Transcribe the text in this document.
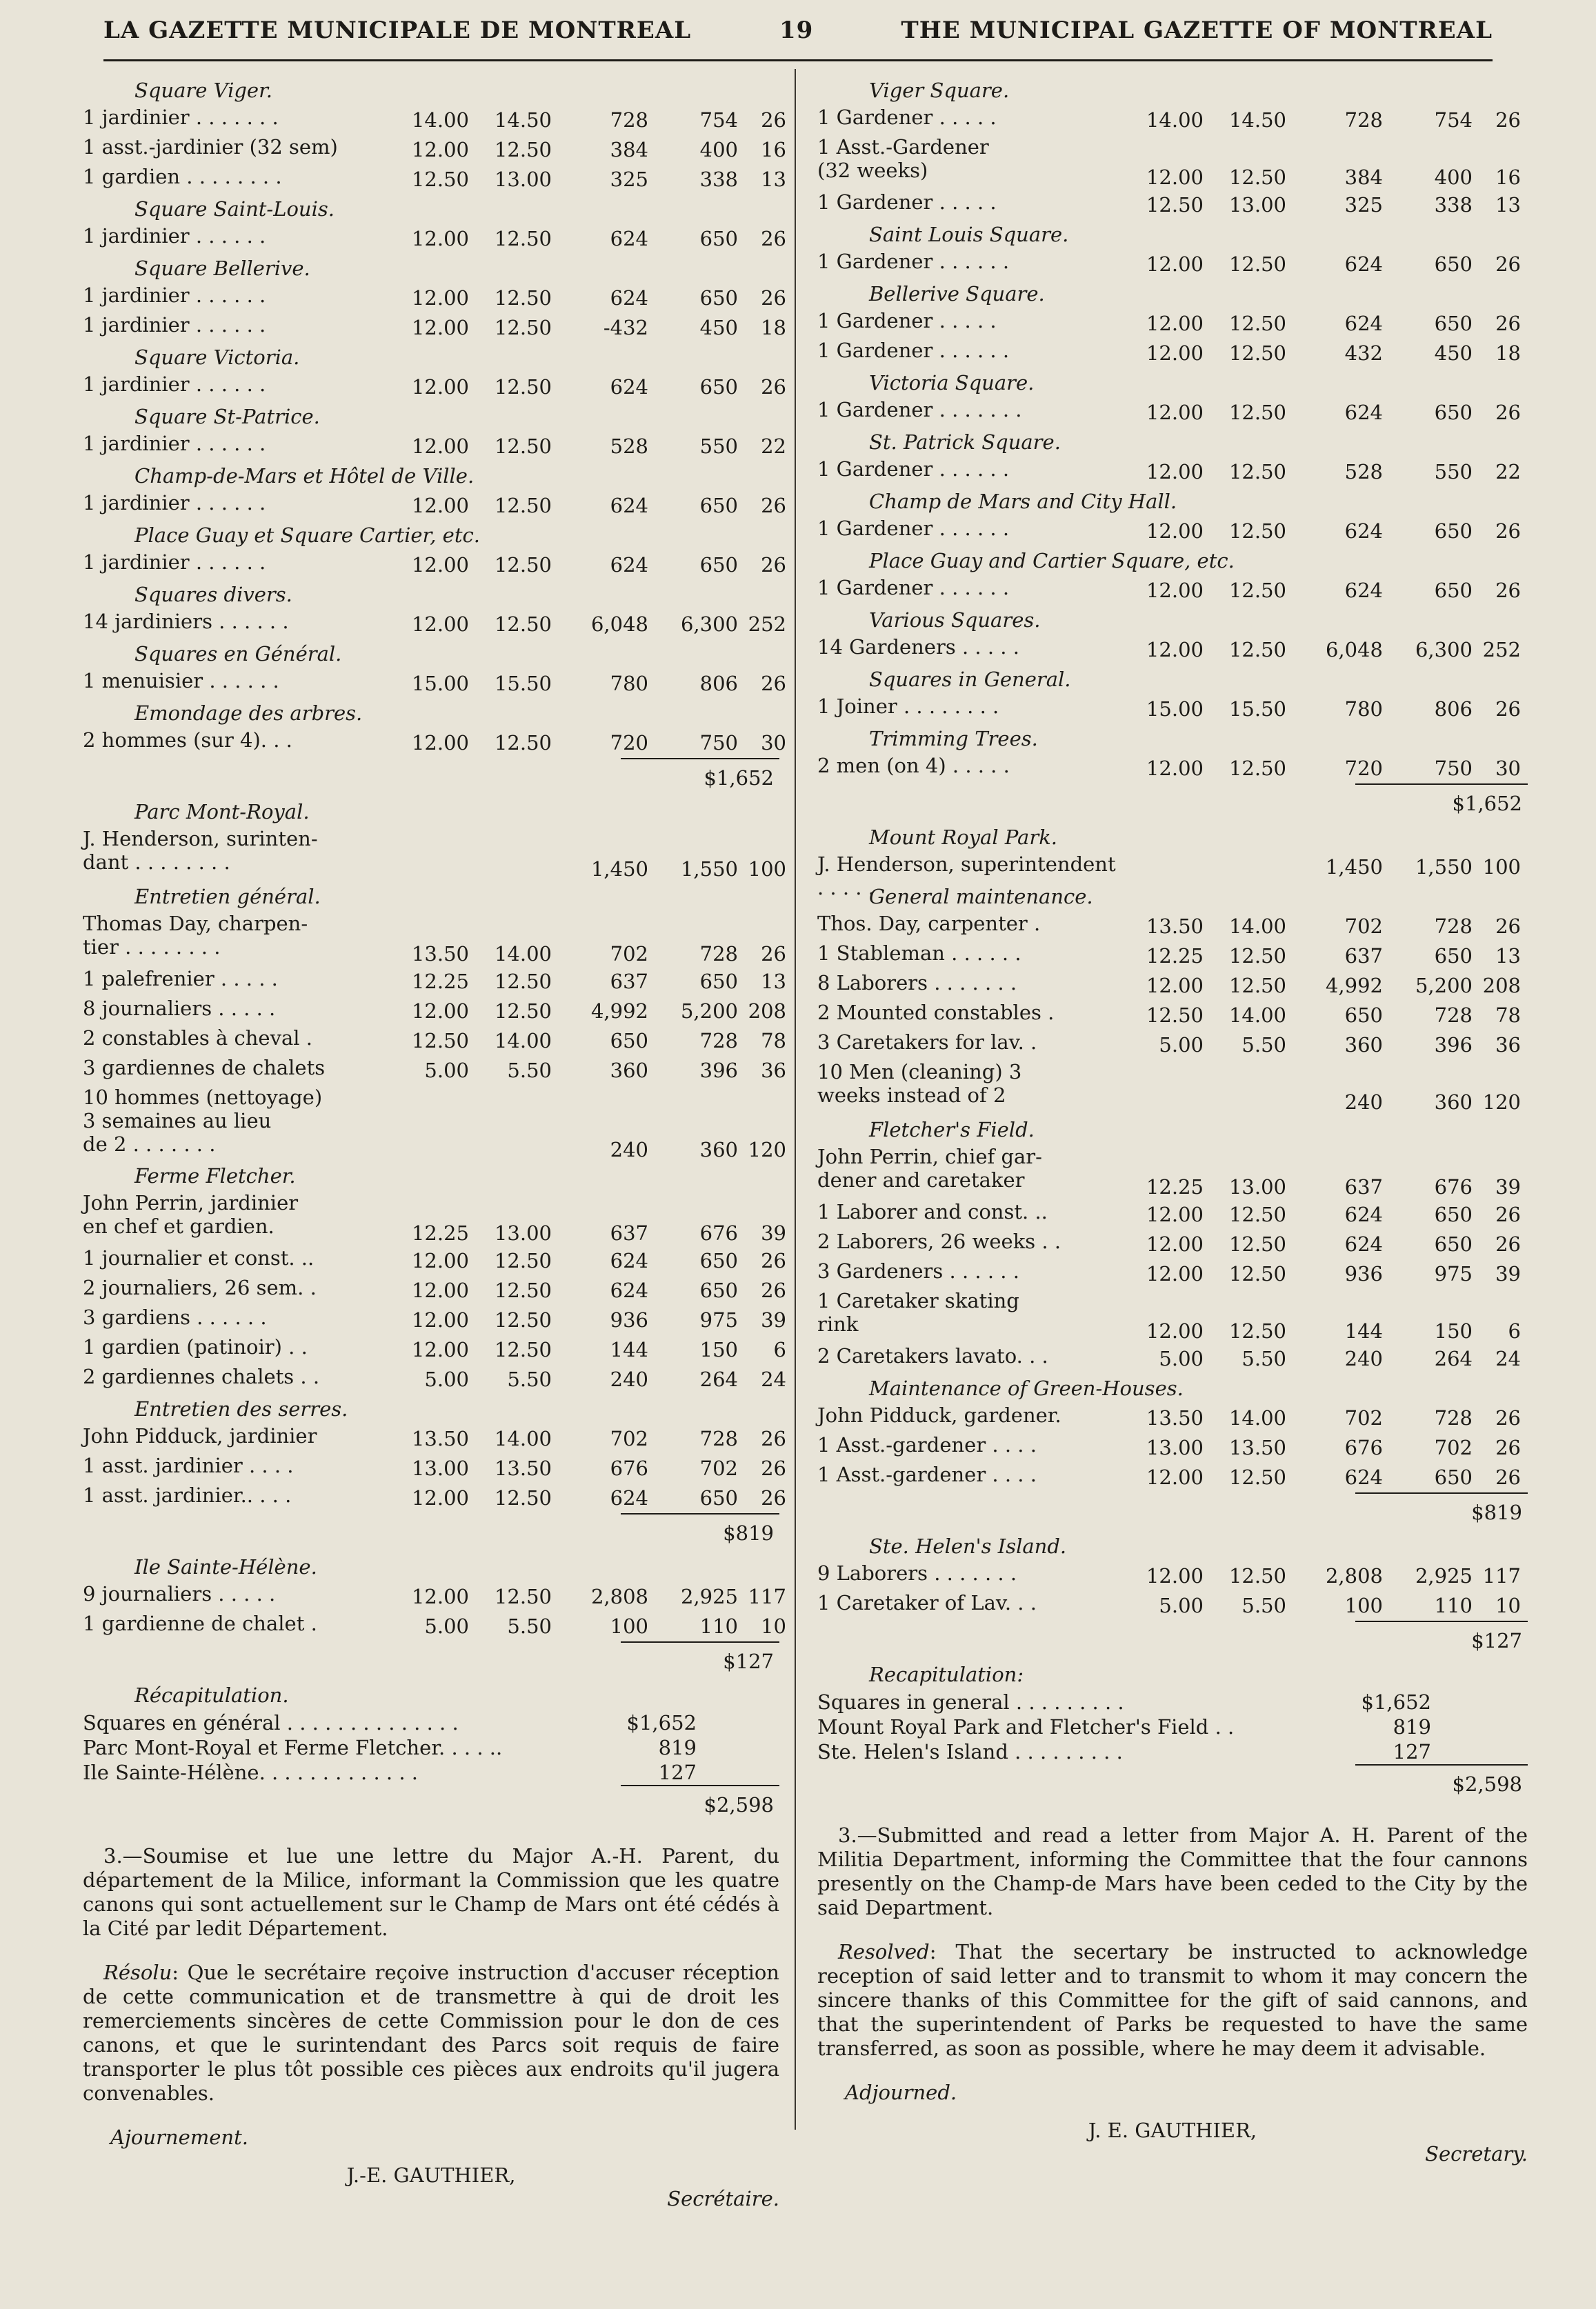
LA GAZETTE MUNICIPALE DE MONTREAL	19	THE MUNICIPAL GAZETTE OF MONTREAL
Square Viger.
1 jardinier . . . . . . .	14.00	14.50	728	754	26
1 asst.-jardinier (32 sem)	12.00	12.50	384	400	16
1 gardien . . . . . . . .	12.50	13.00	325	338	13
Square Saint-Louis.
1 jardinier . . . . . .	12.00	12.50	624	650	26
Square Bellerive.
1 jardinier . . . . . .	12.00	12.50	624	650	26
1 jardinier . . . . . .	12.00	12.50	-432	450	18
Square Victoria.
1 jardinier . . . . . .	12.00	12.50	624	650	26
Square St-Patrice.
1 jardinier . . . . . .	12.00	12.50	528	550	22
Champ-de-Mars et Hôtel de Ville.
1 jardinier . . . . . .	12.00	12.50	624	650	26
Place Guay et Square Cartier, etc.
1 jardinier . . . . . .	12.00	12.50	624	650	26
Squares divers.
14 jardiniers . . . . . .	12.00	12.50	6,048	6,300 252
Squares en Général.
1 menuisier . . . . . .	15.00	15.50	780	806	26
Emondage des arbres.
2 hommes (sur 4). . .	12.00	12.50	720	750	30
$1,652
Parc Mont-Royal.
J. Henderson, surinten-
dant . . . . . . . .	1,450	1,550 100
Entretien général.
Thomas Day, charpen-
tier . . . . . . . .	13.50	14.00	702	728	26
1 palefrenier . . . . .	12.25	12.50	637	650	13
8 journaliers . . . . .	12.00	12.50	4,992	5,200 208
2 constables à cheval .	12.50	14.00	650	728	78
3 gardiennes de chalets	5.00	5.50	360	396	36
10 hommes (nettoyage)
3 semaines au lieu
de 2 . . . . . . .	240	360 120
Ferme Fletcher.
John Perrin, jardinier
en chef et gardien.	12.25	13.00	637	676	39
1 journalier et const. ..	12.00	12.50	624	650	26
2 journaliers, 26 sem. .	12.00	12.50	624	650	26
3 gardiens . . . . . .	12.00	12.50	936	975	39
1 gardien (patinoir) . .	12.00	12.50	144	150	6
2 gardiennes chalets . .	5.00	5.50	240	264	24
Entretien des serres.
John Pidduck, jardinier	13.50	14.00	702	728	26
1 asst. jardinier . . . .	13.00	13.50	676	702	26
1 asst. jardinier.. . . .	12.00	12.50	624	650	26
$819
Ile Sainte-Hélène.
9 journaliers . . . . .	12.00	12.50	2,808	2,925 117
1 gardienne de chalet .	5.00	5.50	100	110	10
$127
Récapitulation.
Squares en général . . . . . . . . . . . . . .	$1,652
Parc Mont-Royal et Ferme Fletcher. . . . ..	819
Ile Sainte-Hélène. . . . . . . . . . . . .	127
$2,598

3.—Soumise et lue une lettre du Major A.-H. Parent, du département de la Milice, informant la Commission que les quatre canons qui sont actuellement sur le Champ de Mars ont été cédés à la Cité par ledit Département.

Résolu: Que le secrétaire reçoive instruction d'accuser réception de cette communication et de transmettre à qui de droit les remerciements sincères de cette Commission pour le don de ces canons, et que le surintendant des Parcs soit requis de faire transporter le plus tôt possible ces pièces aux endroits qu'il jugera convenables.

Ajournement.
J.-E. GAUTHIER,
Secrétaire.
Viger Square.
1 Gardener . . . . .	14.00	14.50	728	754	26
1 Asst.-Gardener
(32 weeks)	12.00	12.50	384	400	16
1 Gardener . . . . .	12.50	13.00	325	338	13
Saint Louis Square.
1 Gardener . . . . . .	12.00	12.50	624	650	26
Bellerive Square.
1 Gardener . . . . .	12.00	12.50	624	650	26
1 Gardener . . . . . .	12.00	12.50	432	450	18
Victoria Square.
1 Gardener . . . . . . .	12.00	12.50	624	650	26
St. Patrick Square.
1 Gardener . . . . . .	12.00	12.50	528	550	22
Champ de Mars and City Hall.
1 Gardener . . . . . .	12.00	12.50	624	650	26
Place Guay and Cartier Square, etc.
1 Gardener . . . . . .	12.00	12.50	624	650	26
Various Squares.
14 Gardeners . . . . .	12.00	12.50	6,048	6,300 252
Squares in General.
1 Joiner . . . . . . . .	15.00	15.50	780	806	26
Trimming Trees.
2 men (on 4) . . . . .	12.00	12.50	720	750	30
$1,652
Mount Royal Park.
J. Henderson, superintendent . . . . .
1,450	1,550 100
General maintenance.
Thos. Day, carpenter .	13.50	14.00	702	728	26
1 Stableman . . . . . .	12.25	12.50	637	650	13
8 Laborers . . . . . . .	12.00	12.50	4,992	5,200 208
2 Mounted constables .	12.50	14.00	650	728	78
3 Caretakers for lav. .	5.00	5.50	360	396	36
10 Men (cleaning) 3
weeks instead of 2	240	360 120
Fletcher's Field.
John Perrin, chief gar-
dener and caretaker	12.25	13.00	637	676	39
1 Laborer and const. ..	12.00	12.50	624	650	26
2 Laborers, 26 weeks . .	12.00	12.50	624	650	26
3 Gardeners . . . . . .	12.00	12.50	936	975	39
1 Caretaker skating
rink	12.00	12.50	144	150	6
2 Caretakers lavato. . .	5.00	5.50	240	264	24
Maintenance of Green-Houses.
John Pidduck, gardener.	13.50	14.00	702	728	26
1 Asst.-gardener . . . .	13.00	13.50	676	702	26
1 Asst.-gardener . . . .	12.00	12.50	624	650	26
$819
Ste. Helen's Island.
9 Laborers . . . . . . .	12.00	12.50	2,808	2,925 117
1 Caretaker of Lav. . .	5.00	5.50	100	110	10
$127
Recapitulation:
Squares in general . . . . . . . . .	$1,652
Mount Royal Park and Fletcher's Field . .	819
Ste. Helen's Island . . . . . . . . .	127
$2,598

3.—Submitted and read a letter from Major A. H. Parent of the Militia Department, informing the Committee that the four cannons presently on the Champ-de Mars have been ceded to the City by the said Department.

Resolved: That the secertary be instructed to acknowledge reception of said letter and to transmit to whom it may concern the sincere thanks of this Committee for the gift of said cannons, and that the superintendent of Parks be requested to have the same transferred, as soon as possible, where he may deem it advisable.

Adjourned.
J. E. GAUTHIER,
Secretary.
